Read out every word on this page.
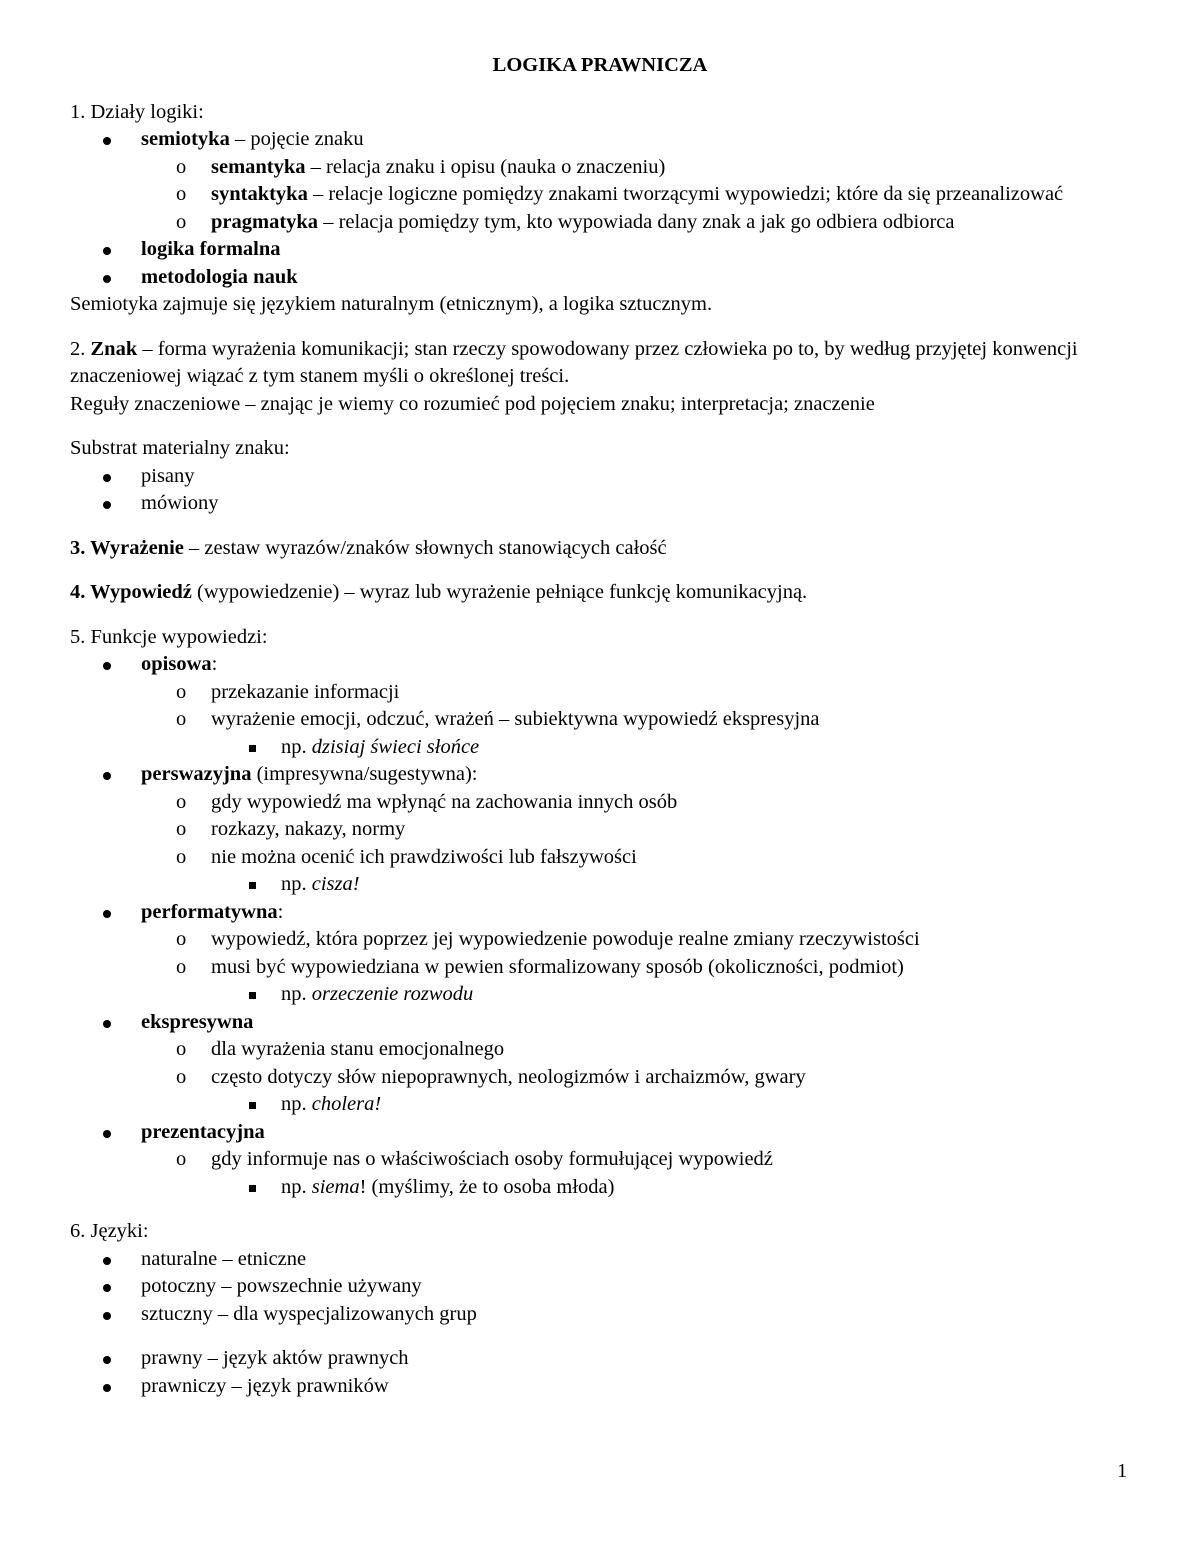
LOGIKA PRAWNICZA
1. Działy logiki:
semiotyka – pojęcie znaku
o semantyka – relacja znaku i opisu (nauka o znaczeniu)
o syntaktyka – relacje logiczne pomiędzy znakami tworzącymi wypowiedzi; które da się przeanalizować
o pragmatyka – relacja pomiędzy tym, kto wypowiada dany znak a jak go odbiera odbiorca
logika formalna
metodologia nauk
Semiotyka zajmuje się językiem naturalnym (etnicznym), a logika sztucznym.
2. Znak – forma wyrażenia komunikacji; stan rzeczy spowodowany przez człowieka po to, by według przyjętej konwencji znaczeniowej wiązać z tym stanem myśli o określonej treści.
Reguły znaczeniowe – znając je wiemy co rozumieć pod pojęciem znaku; interpretacja; znaczenie
Substrat materialny znaku:
pisany
mówiony
3. Wyrażenie – zestaw wyrazów/znaków słownych stanowiących całość
4. Wypowiedź (wypowiedzenie) – wyraz lub wyrażenie pełniące funkcję komunikacyjną.
5. Funkcje wypowiedzi:
opisowa:
o przekazanie informacji
o wyrażenie emocji, odczuć, wrażeń – subiektywna wypowiedź ekspresyjna
np. dzisiaj świeci słońce
perswazyjna (impresywna/sugestywna):
o gdy wypowiedź ma wpłynąć na zachowania innych osób
o rozkazy, nakazy, normy
o nie można ocenić ich prawdziwości lub fałszywości
np. cisza!
performatywna:
o wypowiedź, która poprzez jej wypowiedzenie powoduje realne zmiany rzeczywistości
o musi być wypowiedziana w pewien sformalizowany sposób (okoliczności, podmiot)
np. orzeczenie rozwodu
ekspresywna
o dla wyrażenia stanu emocjonalnego
o często dotyczy słów niepoprawnych, neologizmów i archaizmów, gwary
np. cholera!
prezentacyjna
o gdy informuje nas o właściwościach osoby formułującej wypowiedź
np. siema! (myślimy, że to osoba młoda)
6. Języki:
naturalne – etniczne
potoczny – powszechnie używany
sztuczny – dla wyspecjalizowanych grup
prawny – język aktów prawnych
prawniczy – język prawników
1
